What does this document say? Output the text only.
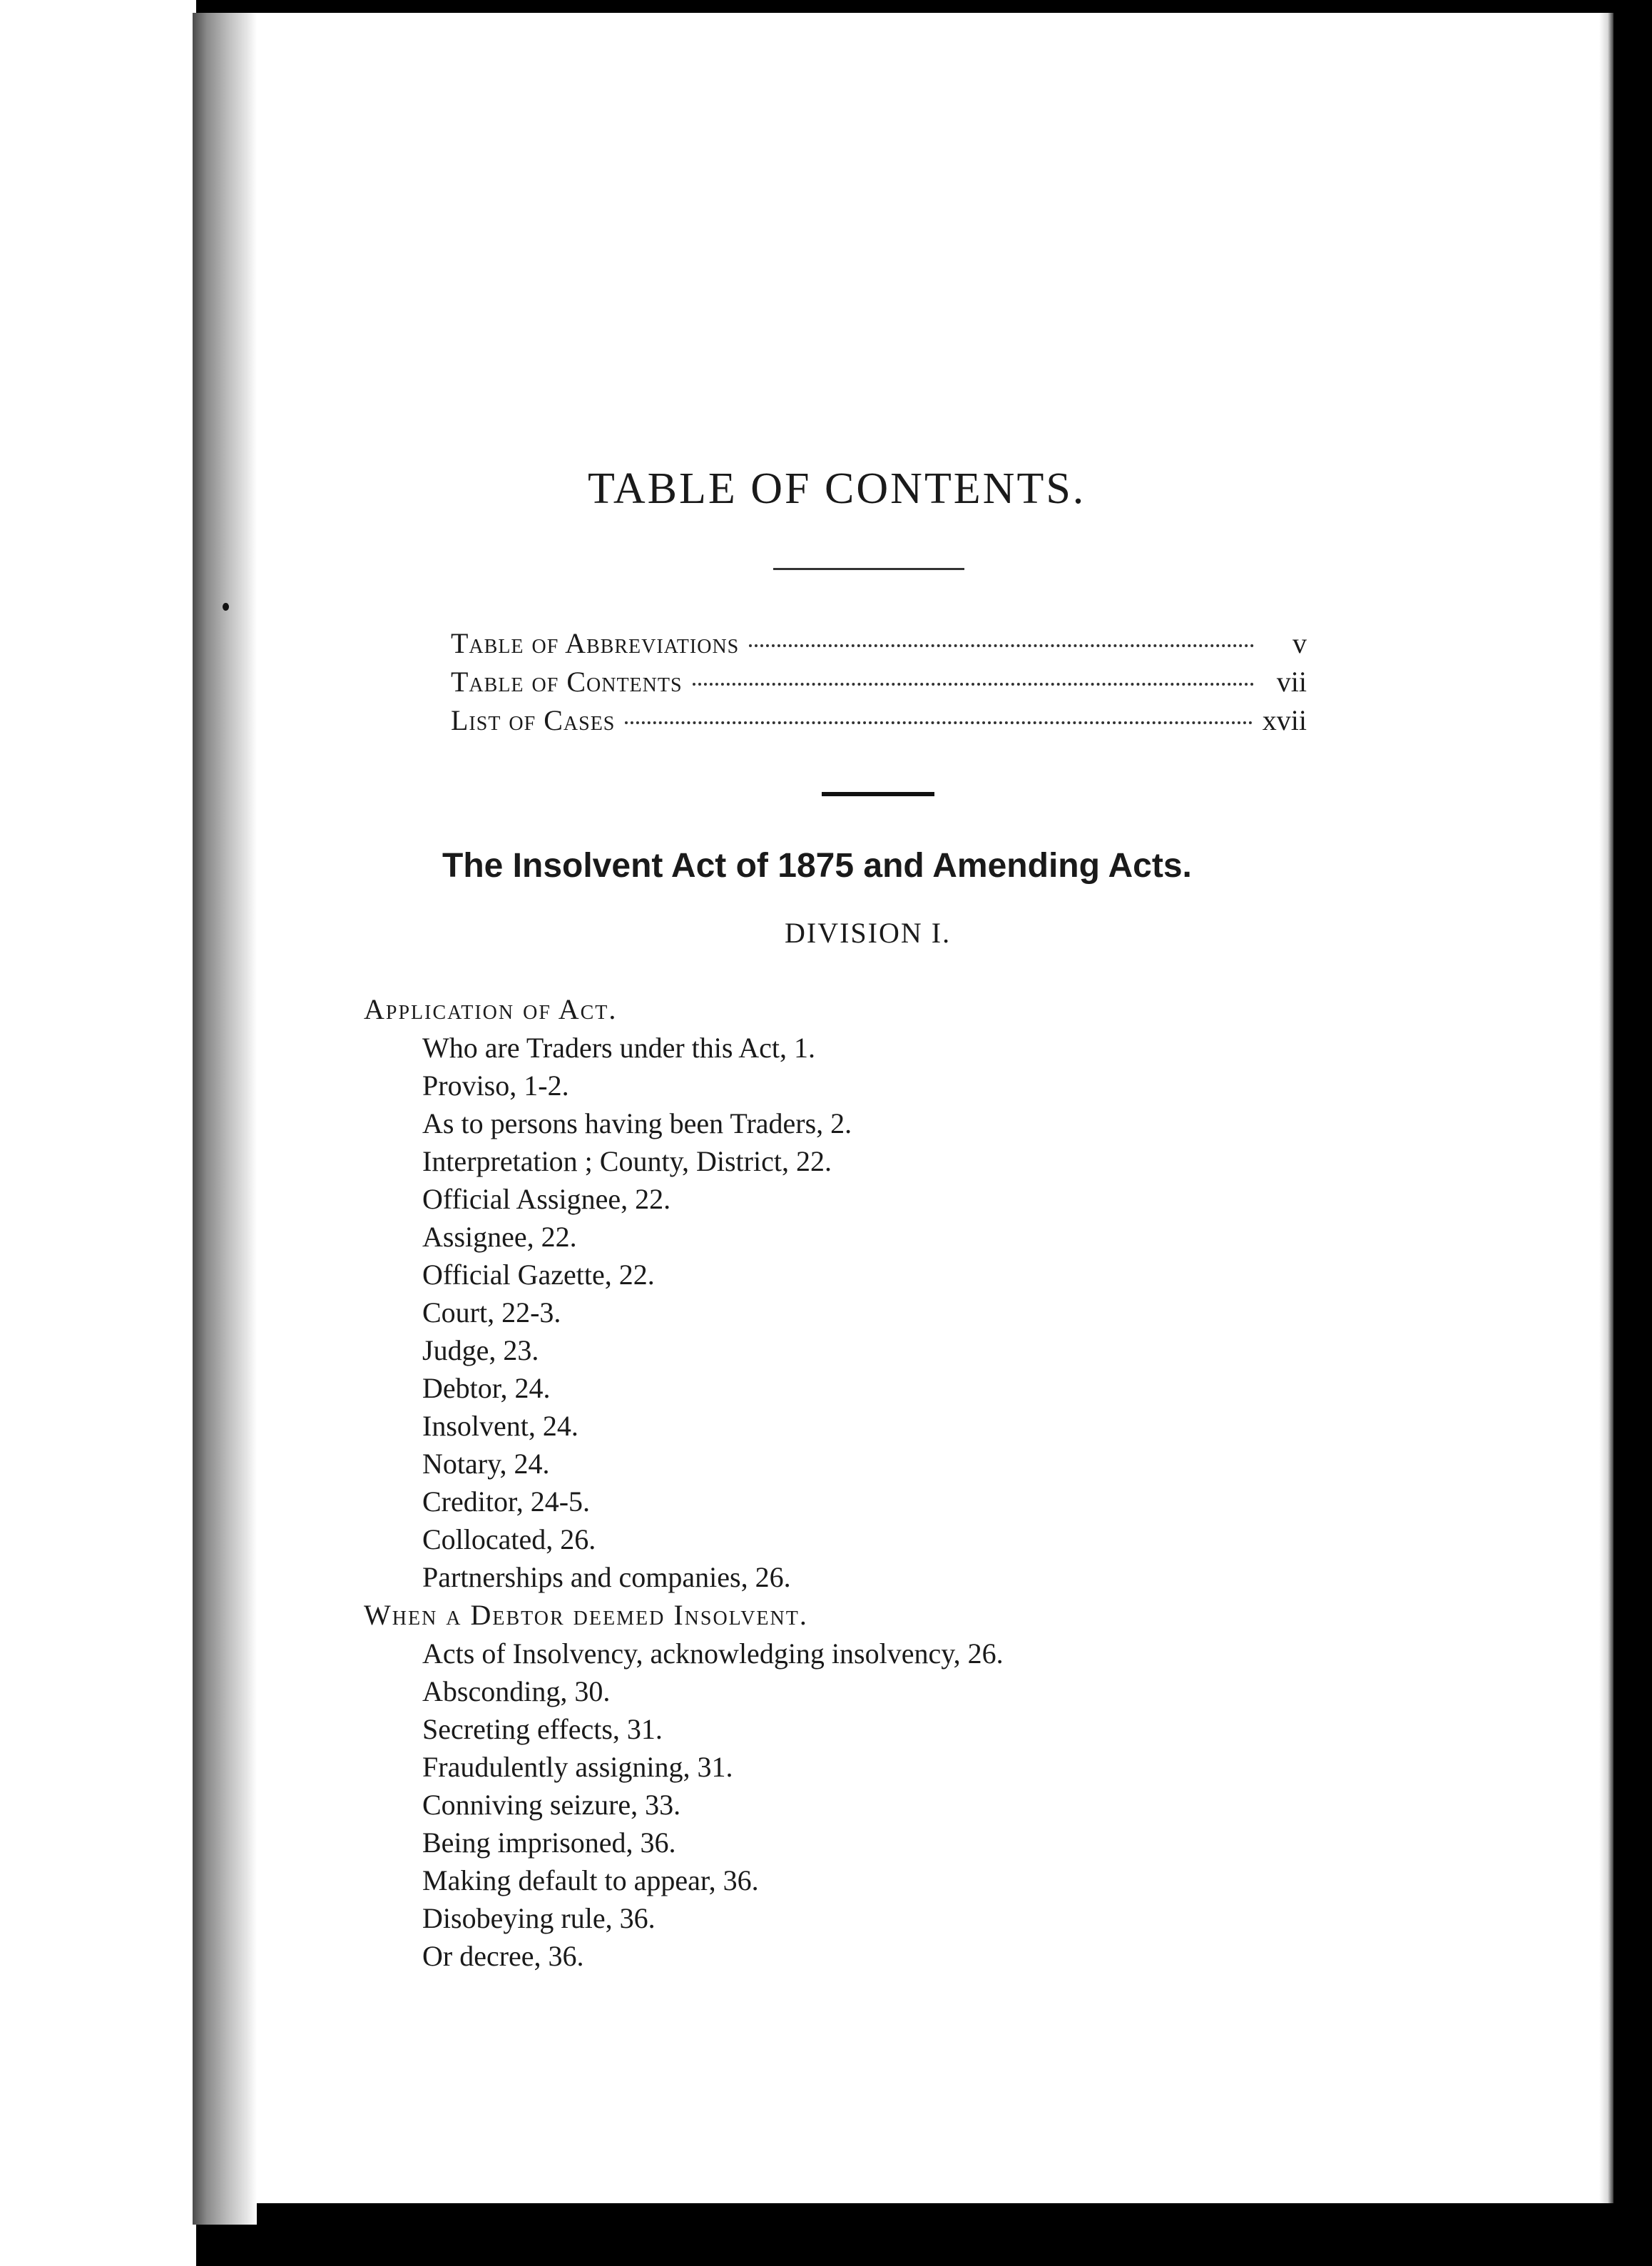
TABLE OF CONTENTS.
Table of Abbreviations	v
Table of Contents	vii
List of Cases	xvii
The Insolvent Act of 1875 and Amending Acts.
DIVISION I.
Application of Act.
Who are Traders under this Act, 1.
Proviso, 1-2.
As to persons having been Traders, 2.
Interpretation ; County, District, 22.
Official Assignee, 22.
Assignee, 22.
Official Gazette, 22.
Court, 22-3.
Judge, 23.
Debtor, 24.
Insolvent, 24.
Notary, 24.
Creditor, 24-5.
Collocated, 26.
Partnerships and companies, 26.
When a Debtor deemed Insolvent.
Acts of Insolvency, acknowledging insolvency, 26.
Absconding, 30.
Secreting effects, 31.
Fraudulently assigning, 31.
Conniving seizure, 33.
Being imprisoned, 36.
Making default to appear, 36.
Disobeying rule, 36.
Or decree, 36.
